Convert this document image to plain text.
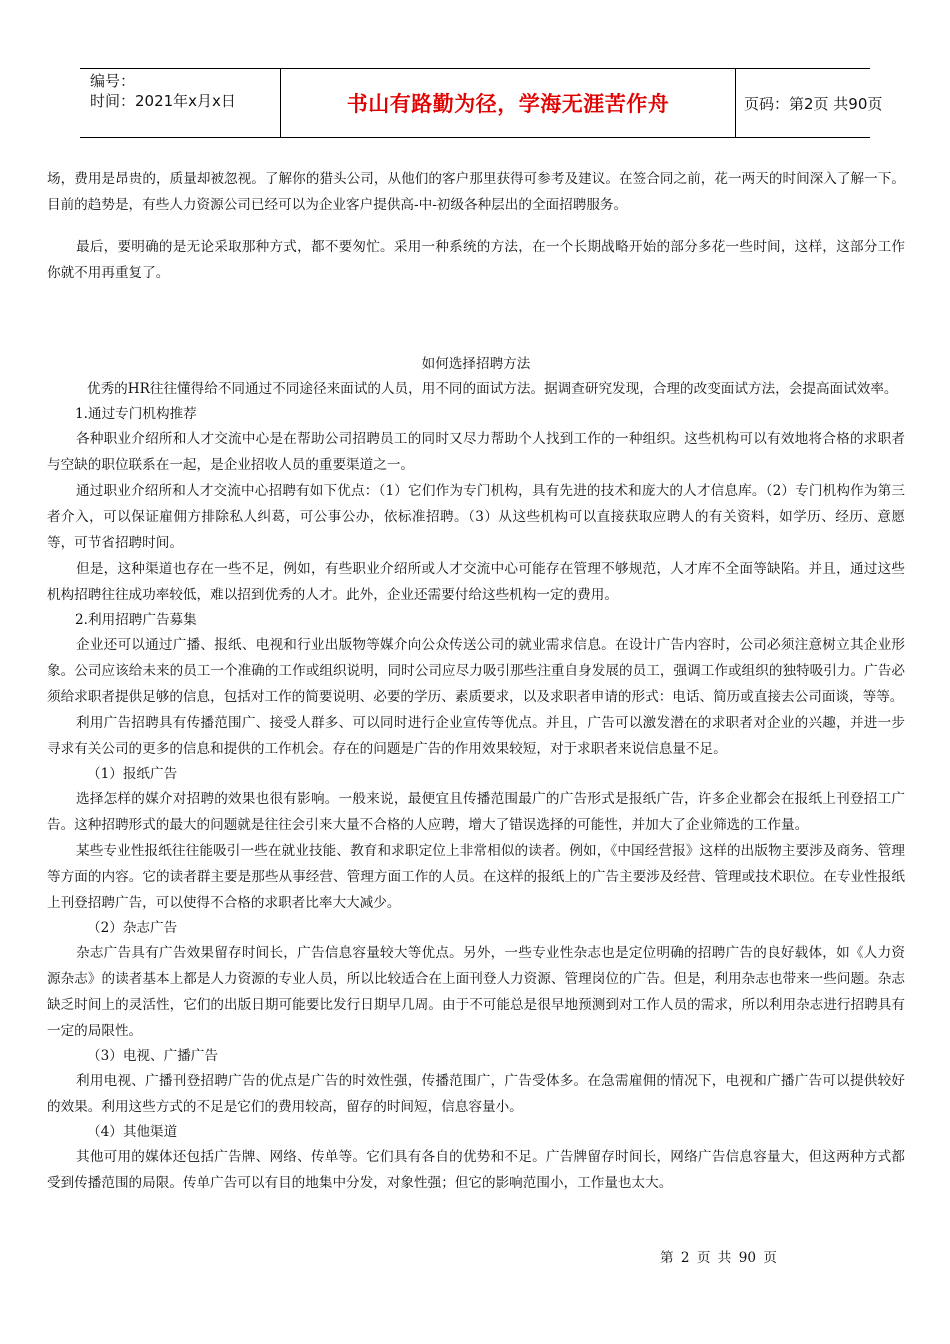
编号：
时间：2021年x月x日	书山有路勤为径，学海无涯苦作舟	页码：第2页 共90页

场，费用是昂贵的，质量却被忽视。了解你的猎头公司，从他们的客户那里获得可参考及建议。在签合同之前，花一两天的时间深入了解一下。目前的趋势是，有些人力资源公司已经可以为企业客户提供高-中-初级各种层出的全面招聘服务。

最后，要明确的是无论采取那种方式，都不要匆忙。采用一种系统的方法，在一个长期战略开始的部分多花一些时间，这样，这部分工作你就不用再重复了。

如何选择招聘方法

优秀的HR往往懂得给不同通过不同途径来面试的人员，用不同的面试方法。据调查研究发现，合理的改变面试方法，会提高面试效率。

1.通过专门机构推荐

各种职业介绍所和人才交流中心是在帮助公司招聘员工的同时又尽力帮助个人找到工作的一种组织。这些机构可以有效地将合格的求职者与空缺的职位联系在一起，是企业招收人员的重要渠道之一。

通过职业介绍所和人才交流中心招聘有如下优点：（1）它们作为专门机构，具有先进的技术和庞大的人才信息库。（2）专门机构作为第三者介入，可以保证雇佣方排除私人纠葛，可公事公办，依标准招聘。（3）从这些机构可以直接获取应聘人的有关资料，如学历、经历、意愿等，可节省招聘时间。

但是，这种渠道也存在一些不足，例如，有些职业介绍所或人才交流中心可能存在管理不够规范，人才库不全面等缺陷。并且，通过这些机构招聘往往成功率较低，难以招到优秀的人才。此外，企业还需要付给这些机构一定的费用。

2.利用招聘广告募集

企业还可以通过广播、报纸、电视和行业出版物等媒介向公众传送公司的就业需求信息。在设计广告内容时，公司必须注意树立其企业形象。公司应该给未来的员工一个准确的工作或组织说明，同时公司应尽力吸引那些注重自身发展的员工，强调工作或组织的独特吸引力。广告必须给求职者提供足够的信息，包括对工作的简要说明、必要的学历、素质要求，以及求职者申请的形式：电话、简历或直接去公司面谈，等等。

利用广告招聘具有传播范围广、接受人群多、可以同时进行企业宣传等优点。并且，广告可以激发潜在的求职者对企业的兴趣，并进一步寻求有关公司的更多的信息和提供的工作机会。存在的问题是广告的作用效果较短，对于求职者来说信息量不足。

（1）报纸广告

选择怎样的媒介对招聘的效果也很有影响。一般来说，最便宜且传播范围最广的广告形式是报纸广告，许多企业都会在报纸上刊登招工广告。这种招聘形式的最大的问题就是往往会引来大量不合格的人应聘，增大了错误选择的可能性，并加大了企业筛选的工作量。

某些专业性报纸往往能吸引一些在就业技能、教育和求职定位上非常相似的读者。例如，《中国经营报》这样的出版物主要涉及商务、管理等方面的内容。它的读者群主要是那些从事经营、管理方面工作的人员。在这样的报纸上的广告主要涉及经营、管理或技术职位。在专业性报纸上刊登招聘广告，可以使得不合格的求职者比率大大减少。

（2）杂志广告

杂志广告具有广告效果留存时间长，广告信息容量较大等优点。另外，一些专业性杂志也是定位明确的招聘广告的良好载体，如《人力资源杂志》的读者基本上都是人力资源的专业人员，所以比较适合在上面刊登人力资源、管理岗位的广告。但是，利用杂志也带来一些问题。杂志缺乏时间上的灵活性，它们的出版日期可能要比发行日期早几周。由于不可能总是很早地预测到对工作人员的需求，所以利用杂志进行招聘具有一定的局限性。

（3）电视、广播广告

利用电视、广播刊登招聘广告的优点是广告的时效性强，传播范围广，广告受体多。在急需雇佣的情况下，电视和广播广告可以提供较好的效果。利用这些方式的不足是它们的费用较高，留存的时间短，信息容量小。

（4）其他渠道

其他可用的媒体还包括广告牌、网络、传单等。它们具有各自的优势和不足。广告牌留存时间长，网络广告信息容量大，但这两种方式都受到传播范围的局限。传单广告可以有目的地集中分发，对象性强；但它的影响范围小，工作量也太大。

第 2 页 共 90 页
